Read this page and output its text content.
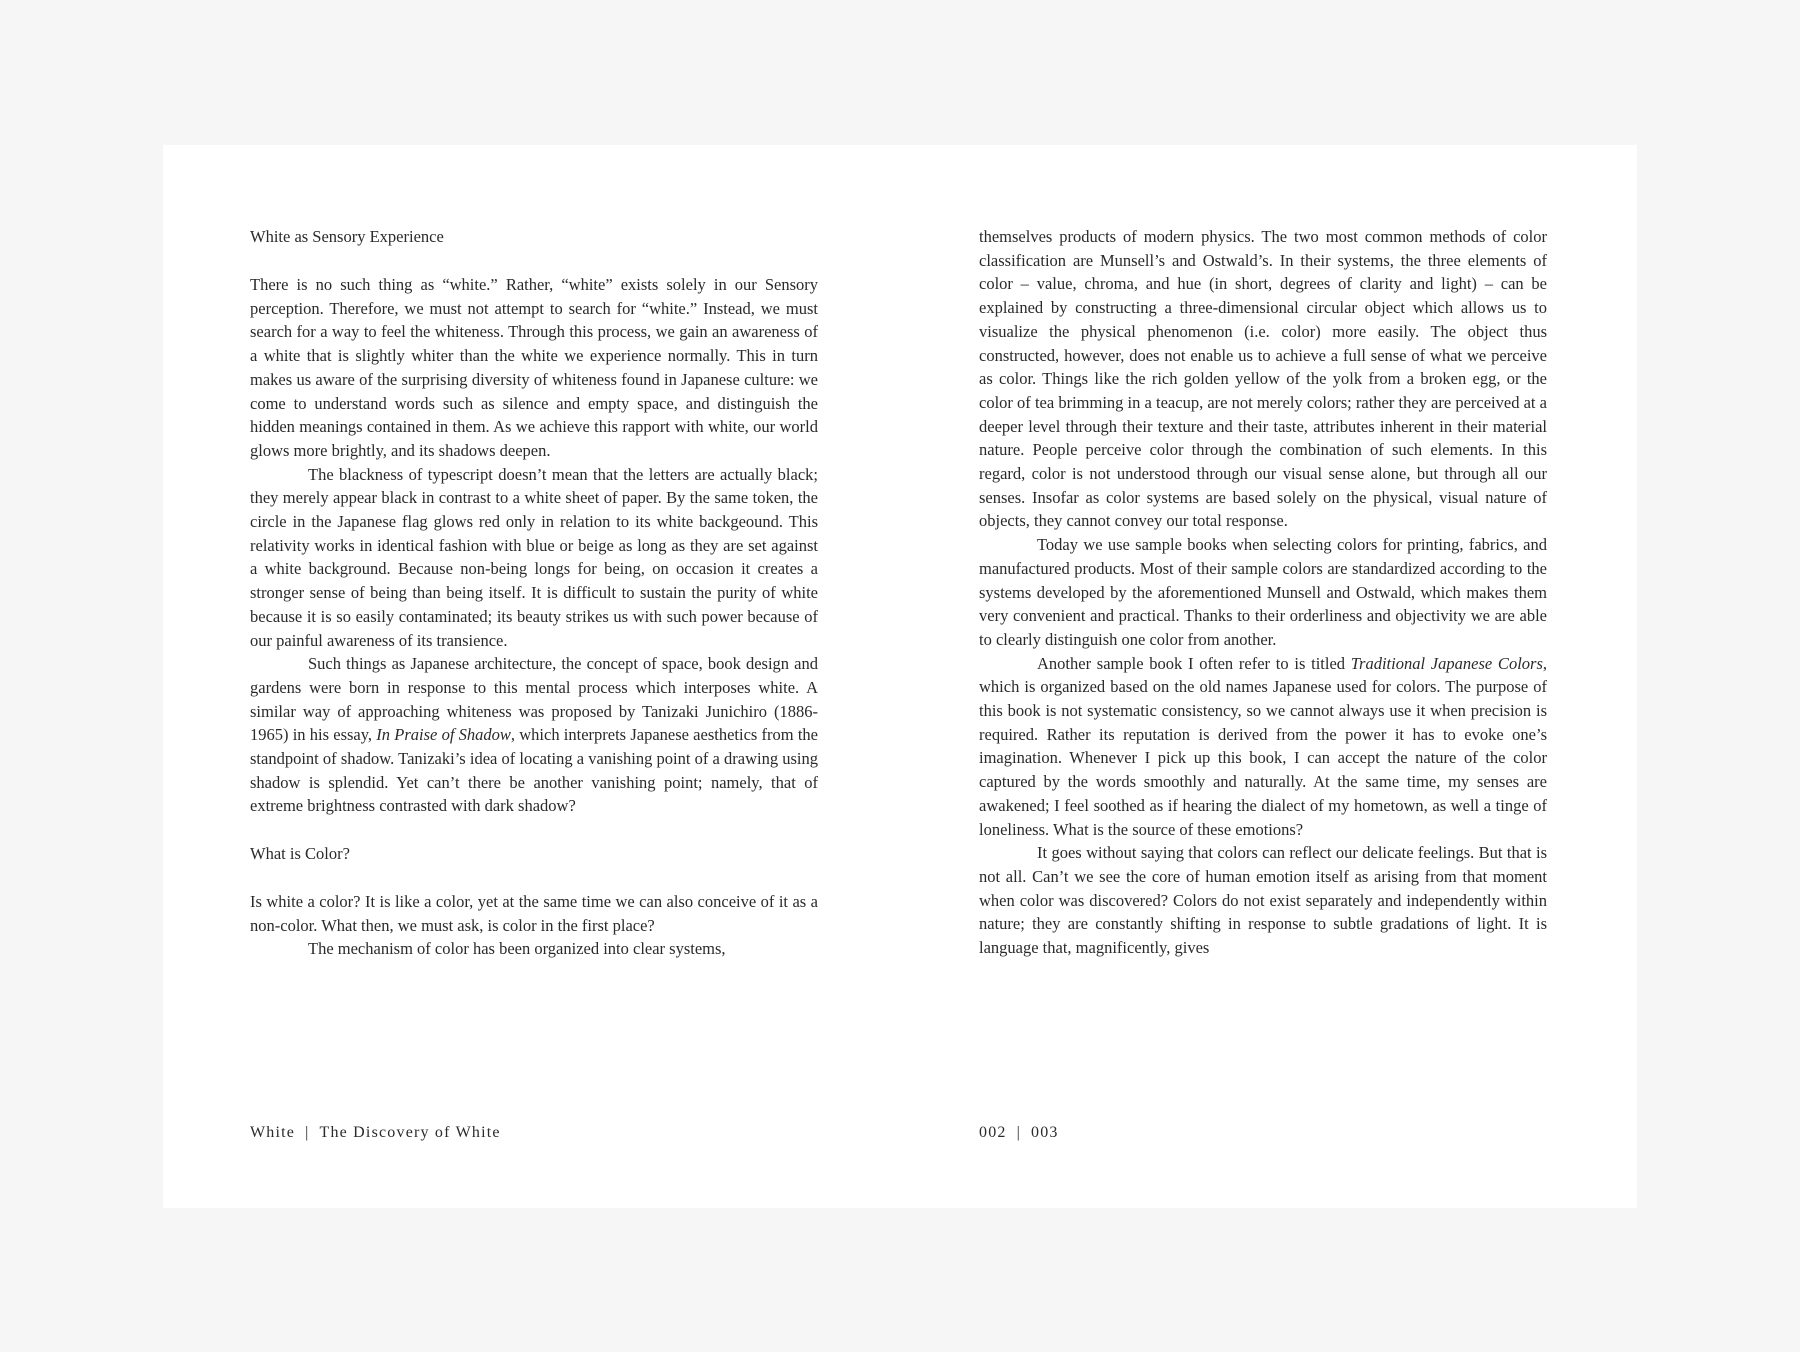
White as Sensory Experience

There is no such thing as “white.” Rather, “white” exists solely in our Sensory perception. Therefore, we must not attempt to search for “white.” Instead, we must search for a way to feel the whiteness. Through this process, we gain an awareness of a white that is slightly whiter than the white we experience normally. This in turn makes us aware of the surprising diversity of whiteness found in Japanese culture: we come to understand words such as silence and empty space, and distinguish the hidden meanings contained in them. As we achieve this rapport with white, our world glows more brightly, and its shadows deepen.

The blackness of typescript doesn’t mean that the letters are actually black; they merely appear black in contrast to a white sheet of paper. By the same token, the circle in the Japanese flag glows red only in relation to its white backgeound. This relativity works in identical fashion with blue or beige as long as they are set against a white background. Because non-being longs for being, on occasion it creates a stronger sense of being than being itself. It is difficult to sustain the purity of white because it is so easily contaminated; its beauty strikes us with such power because of our painful awareness of its transience.

Such things as Japanese architecture, the concept of space, book design and gardens were born in response to this mental process which interposes white. A similar way of approaching whiteness was proposed by Tanizaki Junichiro (1886-1965) in his essay, In Praise of Shadow, which interprets Japanese aesthetics from the standpoint of shadow. Tanizaki’s idea of locating a vanishing point of a drawing using shadow is splendid. Yet can’t there be another vanishing point; namely, that of extreme brightness contrasted with dark shadow?

What is Color?

Is white a color? It is like a color, yet at the same time we can also conceive of it as a non-color. What then, we must ask, is color in the first place?

The mechanism of color has been organized into clear systems,

themselves products of modern physics. The two most common methods of color classification are Munsell’s and Ostwald’s. In their systems, the three elements of color – value, chroma, and hue (in short, degrees of clarity and light) – can be explained by constructing a three-dimensional circular object which allows us to visualize the physical phenomenon (i.e. color) more easily. The object thus constructed, however, does not enable us to achieve a full sense of what we perceive as color. Things like the rich golden yellow of the yolk from a broken egg, or the color of tea brimming in a teacup, are not merely colors; rather they are perceived at a deeper level through their texture and their taste, attributes inherent in their material nature. People perceive color through the combination of such elements. In this regard, color is not understood through our visual sense alone, but through all our senses. Insofar as color systems are based solely on the physical, visual nature of objects, they cannot convey our total response.

Today we use sample books when selecting colors for printing, fabrics, and manufactured products. Most of their sample colors are standardized according to the systems developed by the aforementioned Munsell and Ostwald, which makes them very convenient and practical. Thanks to their orderliness and objectivity we are able to clearly distinguish one color from another.

Another sample book I often refer to is titled Traditional Japanese Colors, which is organized based on the old names Japanese used for colors. The purpose of this book is not systematic consistency, so we cannot always use it when precision is required. Rather its reputation is derived from the power it has to evoke one’s imagination. Whenever I pick up this book, I can accept the nature of the color captured by the words smoothly and naturally. At the same time, my senses are awakened; I feel soothed as if hearing the dialect of my hometown, as well a tinge of loneliness. What is the source of these emotions?

It goes without saying that colors can reflect our delicate feelings. But that is not all. Can’t we see the core of human emotion itself as arising from that moment when color was discovered? Colors do not exist separately and independently within nature; they are constantly shifting in response to subtle gradations of light. It is language that, magnificently, gives

White | The Discovery of White	002 | 003
